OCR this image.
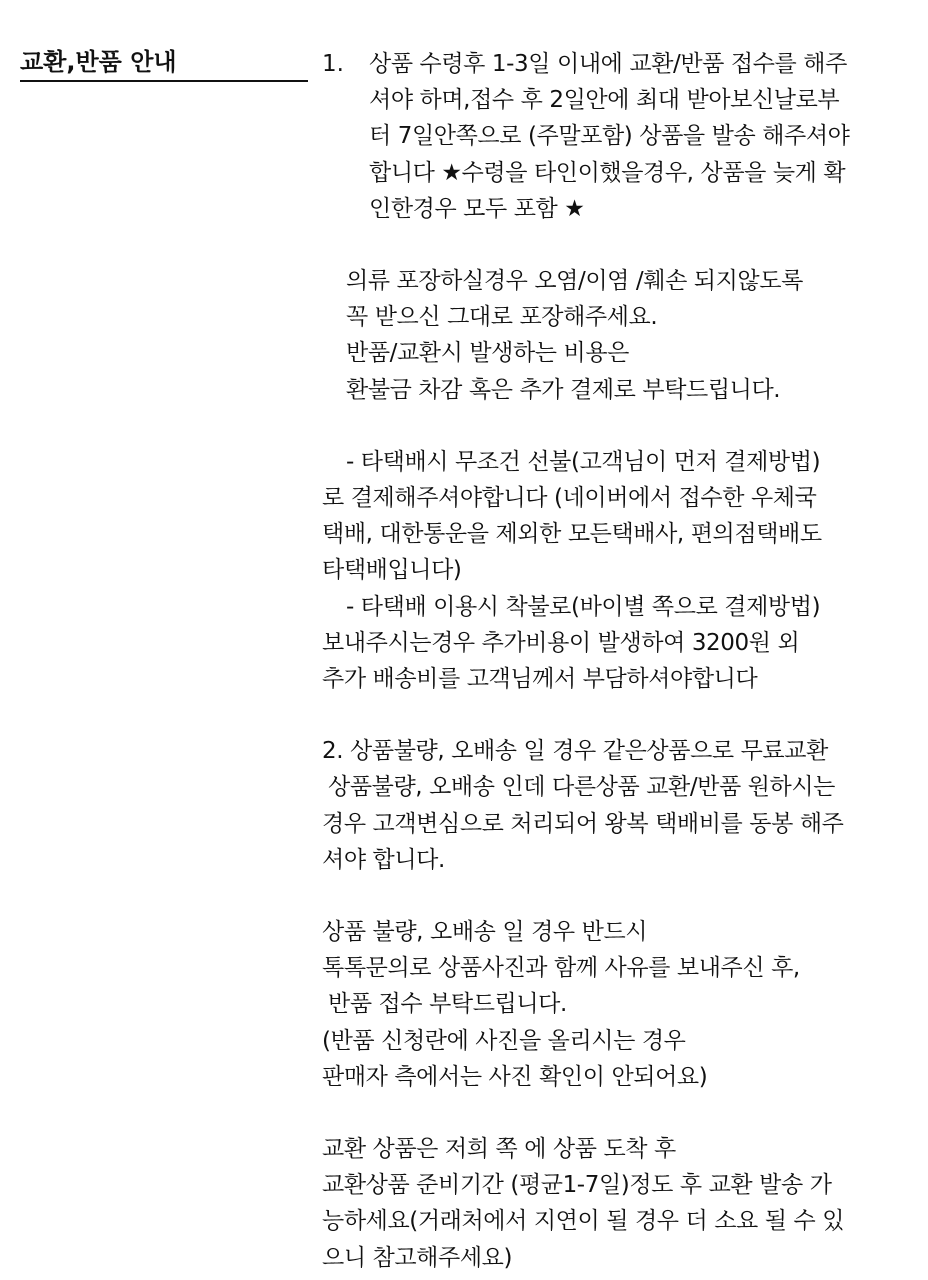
교환,반품 안내	1. 상품 수령후 1-3일 이내에 교환/반품 접수를 해주
셔야 하며,접수 후 2일안에 최대 받아보신날로부
터 7일안쪽으로 (주말포함) 상품을 발송 해주셔야
합니다 ★수령을 타인이했을경우, 상품을 늦게 확
인한경우 모두 포함 ★
의류 포장하실경우 오염/이염 /훼손 되지않도록
꼭 받으신 그대로 포장해주세요.
반품/교환시 발생하는 비용은
환불금 차감 혹은 추가 결제로 부탁드립니다.
- 타택배시 무조건 선불(고객님이 먼저 결제방법)
로 결제해주셔야합니다 (네이버에서 접수한 우체국
택배, 대한통운을 제외한 모든택배사, 편의점택배도
타택배입니다)
- 타택배 이용시 착불로(바이별 쪽으로 결제방법)
보내주시는경우 추가비용이 발생하여 3200원 외
추가 배송비를 고객님께서 부담하셔야합니다
2. 상품불량, 오배송 일 경우 같은상품으로 무료교환
상품불량, 오배송 인데 다른상품 교환/반품 원하시는
경우 고객변심으로 처리되어 왕복 택배비를 동봉 해주
셔야 합니다.
상품 불량, 오배송 일 경우 반드시
톡톡문의로 상품사진과 함께 사유를 보내주신 후,
반품 접수 부탁드립니다.
(반품 신청란에 사진을 올리시는 경우
판매자 측에서는 사진 확인이 안되어요)
교환 상품은 저희 쪽 에 상품 도착 후
교환상품 준비기간 (평균1-7일)정도 후 교환 발송 가
능하세요(거래처에서 지연이 될 경우 더 소요 될 수 있
으니 참고해주세요)
